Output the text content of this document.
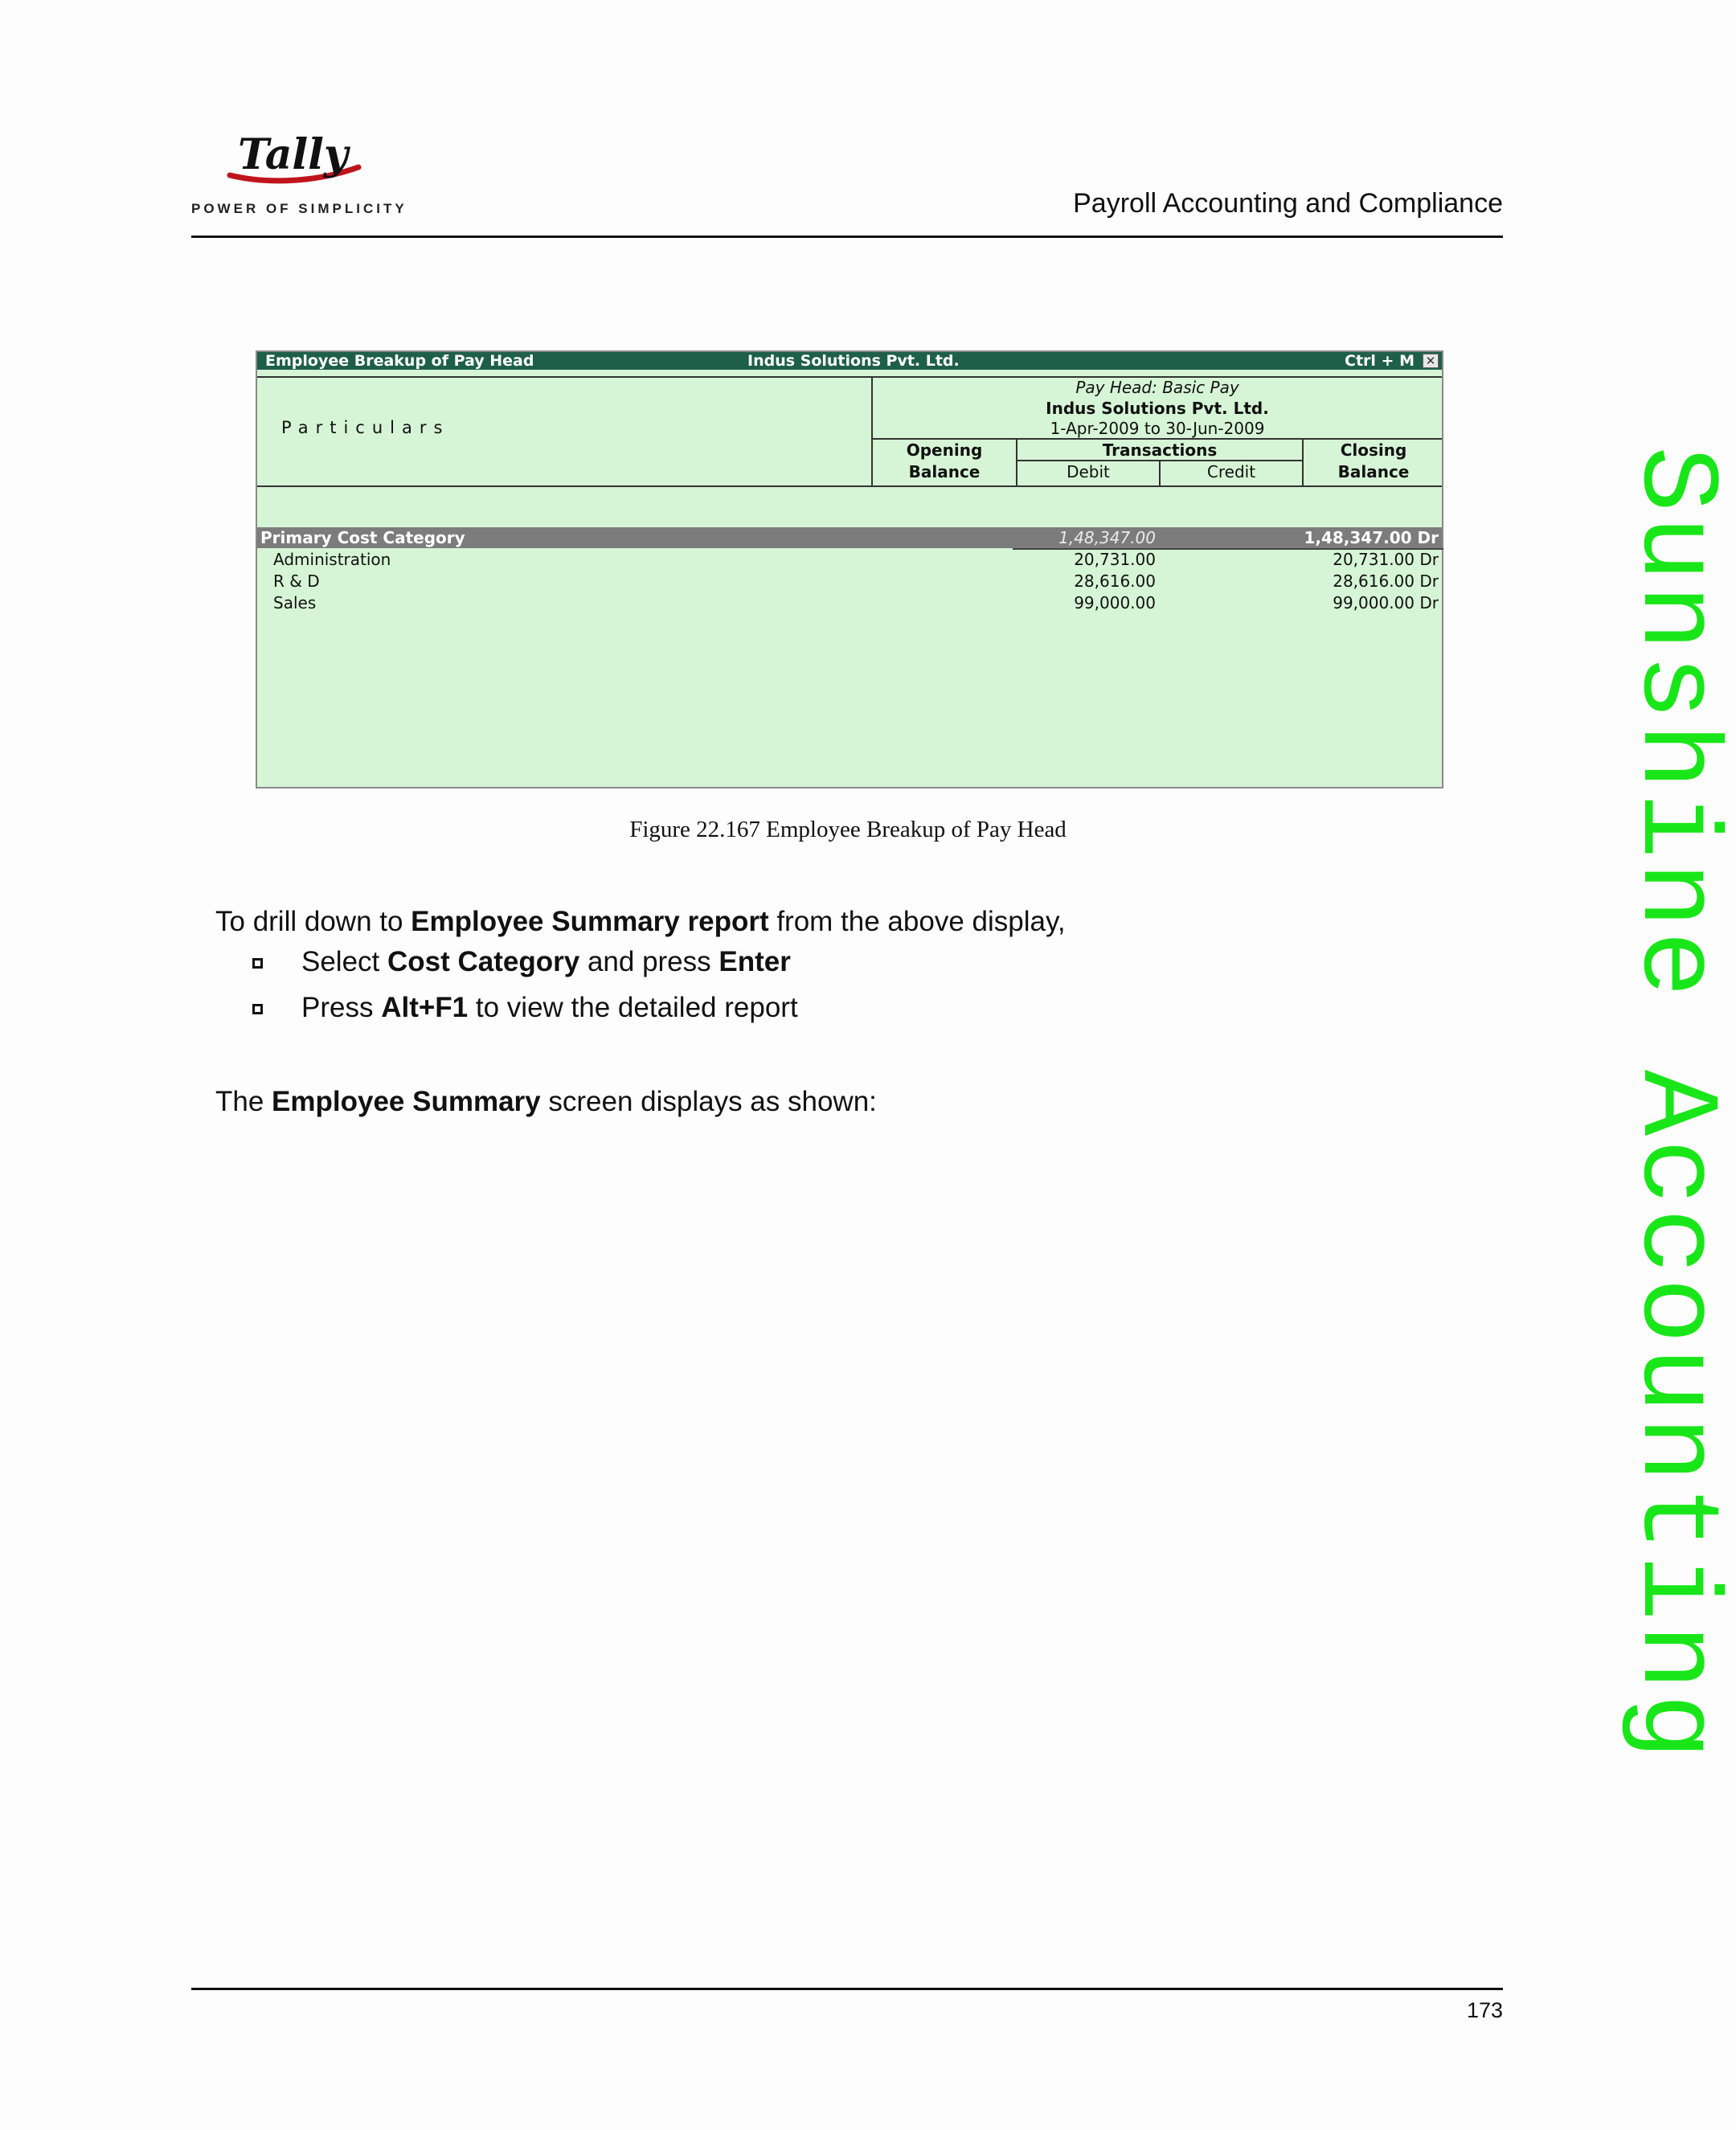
Tally
POWER OF SIMPLICITY	Payroll Accounting and Compliance
Sunshine Accounting
Employee Breakup of Pay Head	Indus Solutions Pvt. Ltd.	Ctrl + M ✕
Particulars
Pay Head: Basic Pay
Indus Solutions Pvt. Ltd.
1-Apr-2009 to 30-Jun-2009
Opening
Balance
Transactions
Debit	Credit
Closing
Balance
Primary Cost Category	1,48,347.00	1,48,347.00 Dr
Administration	20,731.00	20,731.00 Dr
R & D	28,616.00	28,616.00 Dr
Sales	99,000.00	99,000.00 Dr
Figure 22.167 Employee Breakup of Pay Head
To drill down to Employee Summary report from the above display,
Select Cost Category and press Enter
Press Alt+F1 to view the detailed report
The Employee Summary screen displays as shown:
173
